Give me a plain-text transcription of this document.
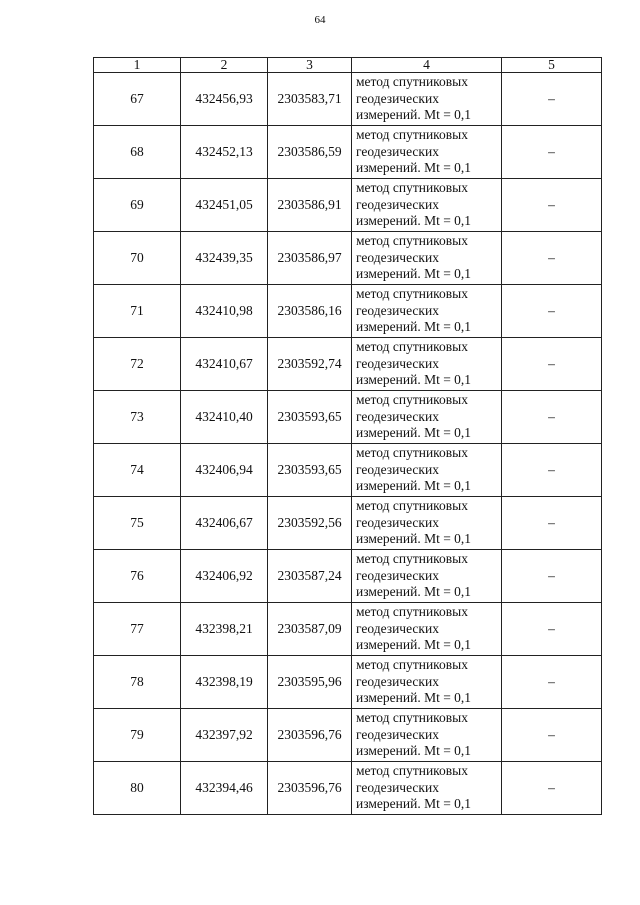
64
1	2	3	4	5
67	432456,93	2303583,71	метод спутниковых
геодезических
измерений. Mt = 0,1	–
68	432452,13	2303586,59	метод спутниковых
геодезических
измерений. Mt = 0,1	–
69	432451,05	2303586,91	метод спутниковых
геодезических
измерений. Mt = 0,1	–
70	432439,35	2303586,97	метод спутниковых
геодезических
измерений. Mt = 0,1	–
71	432410,98	2303586,16	метод спутниковых
геодезических
измерений. Mt = 0,1	–
72	432410,67	2303592,74	метод спутниковых
геодезических
измерений. Mt = 0,1	–
73	432410,40	2303593,65	метод спутниковых
геодезических
измерений. Mt = 0,1	–
74	432406,94	2303593,65	метод спутниковых
геодезических
измерений. Mt = 0,1	–
75	432406,67	2303592,56	метод спутниковых
геодезических
измерений. Mt = 0,1	–
76	432406,92	2303587,24	метод спутниковых
геодезических
измерений. Mt = 0,1	–
77	432398,21	2303587,09	метод спутниковых
геодезических
измерений. Mt = 0,1	–
78	432398,19	2303595,96	метод спутниковых
геодезических
измерений. Mt = 0,1	–
79	432397,92	2303596,76	метод спутниковых
геодезических
измерений. Mt = 0,1	–
80	432394,46	2303596,76	метод спутниковых
геодезических
измерений. Mt = 0,1	–
